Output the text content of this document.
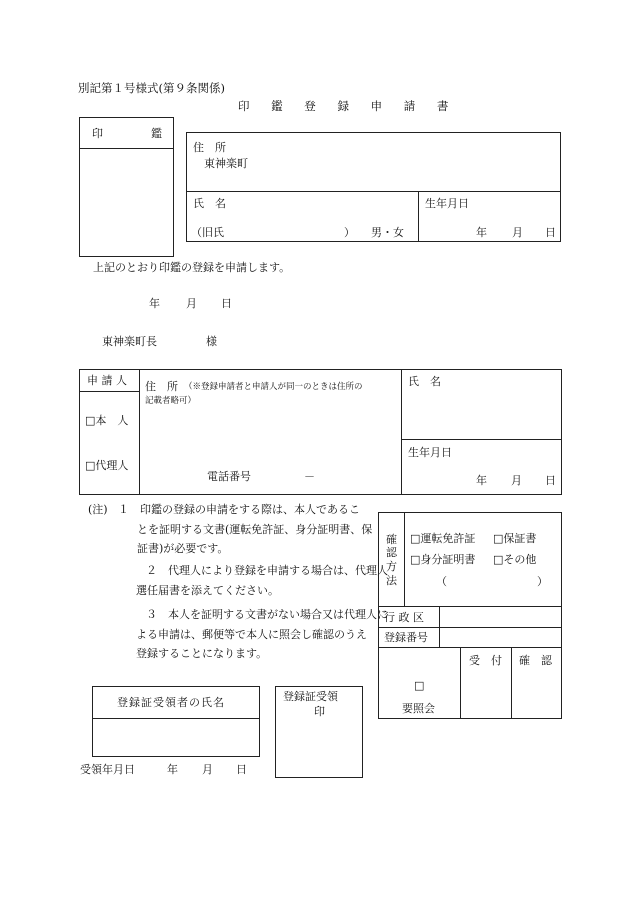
別記第１号様式(第９条関係)
印 鑑 登 録 申 請 書
印	鑑
住　所
東神楽町
氏　名
（旧氏	） 男・女
生年月日
年 月 日
上記のとおり印鑑の登録を申請します。
年 月 日
東神楽町長	様
申 請 人
□本　人
□代理人
住　所 （※登録申請者と申請人が同一のときは住所の
記載者略可）
電話番号	－
氏　名
生年月日
年 月 日
(注) １　 印鑑の登録の申請をする際は、本人であるこ
とを証明する文書(運転免許証、身分証明書、保
証書)が必要です。
２　 代理人により登録を申請する場合は、代理人
選任届書を添えてください。
３　 本人を証明する文書がない場合又は代理人に
よる申請は、郵便等で本人に照会し確認のうえ
登録することになります。
確
認
方
法
□運転免許証 □保証書
□身分証明書 □その他
（	）
行 政 区
登録番号
□
要照会
受　付 確　認
登録証受領者の氏名	登録証受領
印
受領年月日	年 月 日
